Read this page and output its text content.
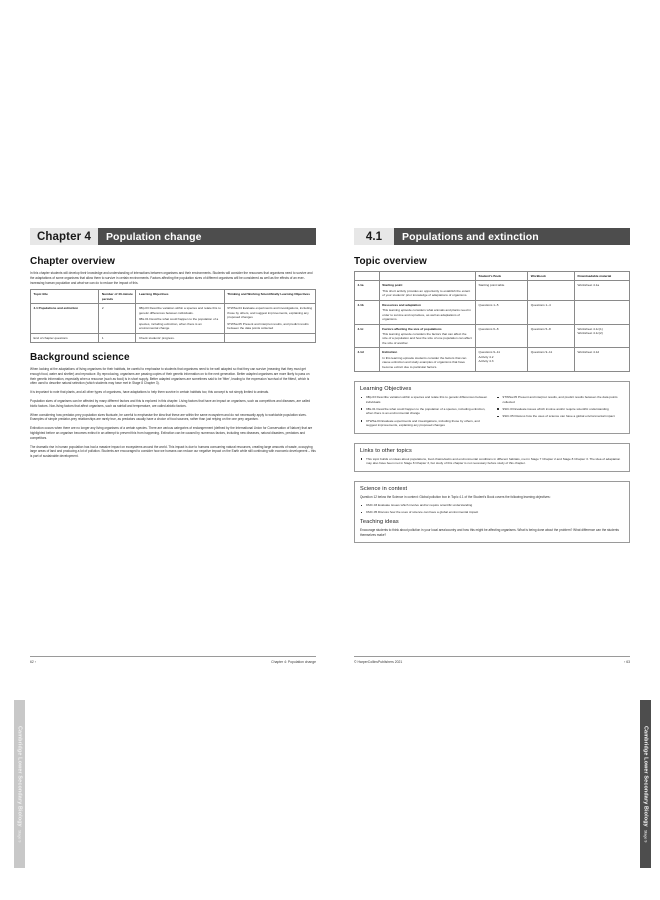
Cambridge Lower Secondary Biology
Stage 9
Chapter 4	Population change
Chapter overview

In this chapter students will develop their knowledge and understanding of interactions between organisms and their environments. Students will consider the resources that organisms need to survive and the adaptations of some organisms that allow them to survive in certain environments. Factors affecting the population sizes of different organisms will be considered as well as the effects of an ever-increasing human population and what we can do to reduce the impact of this.

Topic title	Number of 40-minute periods	Learning Objectives	Thinking and Working Scientifically Learning Objectives
4.1 Populations and extinction	2	9Bp.03 Describe variation within a species and relate this to genetic differences between individuals.
9Bs.01 Describe what could happen to the population of a species, including extinction, when there is an environmental change

9TWSa.04 Evaluate experiments and investigations, including those by others, and suggest improvements, explaining any proposed changes
9TWSa.05 Present and interpret results, and predict results between the data points collected

End of chapter questions	1	Check students' progress.	
Background science

When looking at the adaptations of living organisms for their habitats, be careful to emphasise to students that organisms need to be well adapted so that they can survive (meaning that they must get enough food, water and shelter) and reproduce. By reproducing, organisms are passing copies of their genetic information on to the next generation. Better adapted organisms are more likely to pass on their genetic information, especially when a resource (such as food) is in short supply. Better adapted organisms are sometimes said to be 'fitter', leading to the expression 'survival of the fittest', which is often used to describe natural selection (which students may have met in Stage 8 Chapter 3).

It is important to note that plants, and all other types of organisms, have adaptations to help them survive in certain habitats too; this concept is not simply limited to animals.

Population sizes of organisms can be affected by many different factors and this is explored in this chapter. Living factors that have an impact on organisms, such as competitors and diseases, are called biotic factors. Non-living factors that affect organisms, such as rainfall and temperature, are called abiotic factors.

When considering how predator-prey population sizes fluctuate, be careful to emphasise the idea that these are within the same ecosystem and do not necessarily apply to worldwide population sizes. Examples of simple predator-prey relationships are rarely true, as predators usually have a choice of food sources, rather than just relying on the one prey organism.

Extinction occurs when there are no longer any living organisms of a certain species. There are various categories of endangerment (defined by the International Union for Conservation of Nature) that are highlighted before an organism becomes extinct in an attempt to prevent this from happening. Extinction can be caused by numerous factors, including new diseases, natural disasters, predators and competitors.

The dramatic rise in human population has had a massive impact on ecosystems around the world. This impact is due to humans consuming natural resources, creating large amounts of waste, occupying large areas of land and producing a lot of pollution. Students are encouraged to consider how we humans can reduce our negative impact on the Earth while still continuing with economic development – this is part of sustainable development.

62 ›	Chapter 4: Population change
Cambridge Lower Secondary Biology
Stage 9
4.1	Populations and extinction
Topic overview
		Student's Book	Workbook	Downloadable material
4.1a	Starting point
This short activity provides an opportunity to establish the extent of your students' prior knowledge of adaptations of organisms.	Starting point table		Worksheet 4.1a

4.1b	Resources and adaptation
This learning episode considers what animals and plants need in order to survive and reproduce, as well as adaptations of organisms.	Questions 1–5	Questions 1–4	

4.1c	Factors affecting the size of populations
This learning episode considers the factors that can affect the size of a population and how the size of one population can affect the size of another.	Questions 6–8	Questions 5–8	Worksheet 4.1c(1)
Worksheet 4.1c(2)

4.1d	Extinction
In this learning episode students consider the factors that can cause extinction and study examples of organisms that have become extinct due to particular factors.	Questions 9–11
Activity 4.2
Activity 4.3	Questions 9–11	Worksheet 4.1d
Learning Objectives
9Bp.03 Describe variation within a species and relate this to genetic differences between individuals
9Bs.01 Describe what could happen to the population of a species, including extinction, when there is an environmental change
9TWSa.04 Evaluate experiments and investigations, including those by others, and suggest improvements, explaining any proposed changes
9TWSa.05 Present and interpret results, and predict results between the data points collected
9SIC.03 Evaluate issues which involve and/or require scientific understanding
9SIC.05 Discuss how the uses of science can have a global environmental impact
Links to other topics
This topic builds on ideas about populations, food chains/webs and environmental conditions in different habitats, met in Stage 7 Chapter 2 and Stage 8 Chapter 3. The idea of adaptation may also have been met in Stage 8 Chapter 3, but study of this chapter is not necessary before study of this chapter.
Science in context

Question 12 below the Science in context: Global pollution box in Topic 4.1 of the Student's Book covers the following learning objectives:

9SIC.03 Evaluate issues which involve and/or require scientific understanding
9SIC.05 Discuss how the uses of science can have a global environmental impact
Teaching ideas

Encourage students to think about pollution in your local area/country and how this might be affecting organisms. What is being done about the problem? What difference can the students themselves make?

© HarperCollinsPublishers 2021	‹ 63
